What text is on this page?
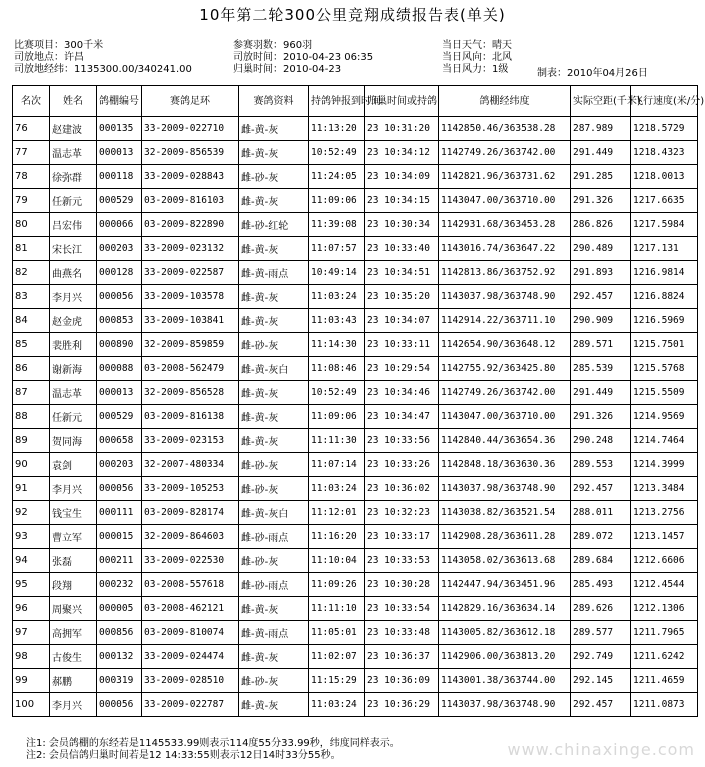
10年第二轮300公里竞翔成绩报告表(单关)
比赛项目：300千米
司放地点：许昌
司放地经纬：1135300.00/340241.00
参赛羽数：960羽
司放时间：2010-04-23 06:35
归巢时间：2010-04-23
当日天气：晴天
当日风向：北风
当日风力：1级	制表：2010年04月26日
名次	姓名	鸽棚编号	赛鸽足环	赛鸽资料	持鸽钟报到时间	归巢时间或持鸽	鸽棚经纬度	实际空距(千米)	飞行速度(米/分)
76	赵建波	000135	33-2009-022710	雌-黄-灰	11:13:20	23 10:31:20	1142850.46/363538.28	287.989	1218.5729
77	温志革	000013	32-2009-856539	雌-黄-灰	10:52:49	23 10:34:12	1142749.26/363742.00	291.449	1218.4323
78	徐弥群	000118	33-2009-028843	雌-砂-灰	11:24:05	23 10:34:09	1142821.96/363731.62	291.285	1218.0013
79	任新元	000529	03-2009-816103	雌-黄-灰	11:09:06	23 10:34:15	1143047.00/363710.00	291.326	1217.6635
80	吕宏伟	000066	03-2009-822890	雌-砂-红轮	11:39:08	23 10:30:34	1142931.68/363453.28	286.826	1217.5984
81	宋长江	000203	33-2009-023132	雌-黄-灰	11:07:57	23 10:33:40	1143016.74/363647.22	290.489	1217.131
82	曲燕名	000128	33-2009-022587	雌-黄-雨点	10:49:14	23 10:34:51	1142813.86/363752.92	291.893	1216.9814
83	李月兴	000056	33-2009-103578	雌-黄-灰	11:03:24	23 10:35:20	1143037.98/363748.90	292.457	1216.8824
84	赵金虎	000853	33-2009-103841	雌-黄-灰	11:03:43	23 10:34:07	1142914.22/363711.10	290.909	1216.5969
85	裴胜利	000890	32-2009-859859	雌-砂-灰	11:14:30	23 10:33:11	1142654.90/363648.12	289.571	1215.7501
86	谢新海	000088	03-2008-562479	雌-黄-灰白	11:08:46	23 10:29:54	1142755.92/363425.80	285.539	1215.5768
87	温志革	000013	32-2009-856528	雌-黄-灰	10:52:49	23 10:34:46	1142749.26/363742.00	291.449	1215.5509
88	任新元	000529	03-2009-816138	雌-黄-灰	11:09:06	23 10:34:47	1143047.00/363710.00	291.326	1214.9569
89	贺同海	000658	33-2009-023153	雌-黄-灰	11:11:30	23 10:33:56	1142840.44/363654.36	290.248	1214.7464
90	袁剑	000203	32-2007-480334	雌-砂-灰	11:07:14	23 10:33:26	1142848.18/363630.36	289.553	1214.3999
91	李月兴	000056	33-2009-105253	雌-砂-灰	11:03:24	23 10:36:02	1143037.98/363748.90	292.457	1213.3484
92	钱宝生	000111	03-2009-828174	雌-黄-灰白	11:12:01	23 10:32:23	1143038.82/363521.54	288.011	1213.2756
93	曹立军	000015	32-2009-864603	雌-砂-雨点	11:16:20	23 10:33:17	1142908.28/363611.28	289.072	1213.1457
94	张磊	000211	33-2009-022530	雌-砂-灰	11:10:04	23 10:33:53	1143058.02/363613.68	289.684	1212.6606
95	段翔	000232	03-2008-557618	雌-砂-雨点	11:09:26	23 10:30:28	1142447.94/363451.96	285.493	1212.4544
96	周聚兴	000005	03-2008-462121	雌-黄-灰	11:11:10	23 10:33:54	1142829.16/363634.14	289.626	1212.1306
97	高拥军	000856	03-2009-810074	雌-黄-雨点	11:05:01	23 10:33:48	1143005.82/363612.18	289.577	1211.7965
98	古俊生	000132	33-2009-024474	雌-黄-灰	11:02:07	23 10:36:37	1142906.00/363813.20	292.749	1211.6242
99	郝鹏	000319	33-2009-028510	雌-砂-灰	11:15:29	23 10:36:09	1143001.38/363744.00	292.145	1211.4659
100	李月兴	000056	33-2009-022787	雌-黄-灰	11:03:24	23 10:36:29	1143037.98/363748.90	292.457	1211.0873
注1: 会员鸽棚的东经若是1145533.99则表示114度55分33.99秒，纬度同样表示。
注2: 会员信鸽归巢时间若是12 14:33:55则表示12日14时33分55秒。	www.chinaxinge.com
